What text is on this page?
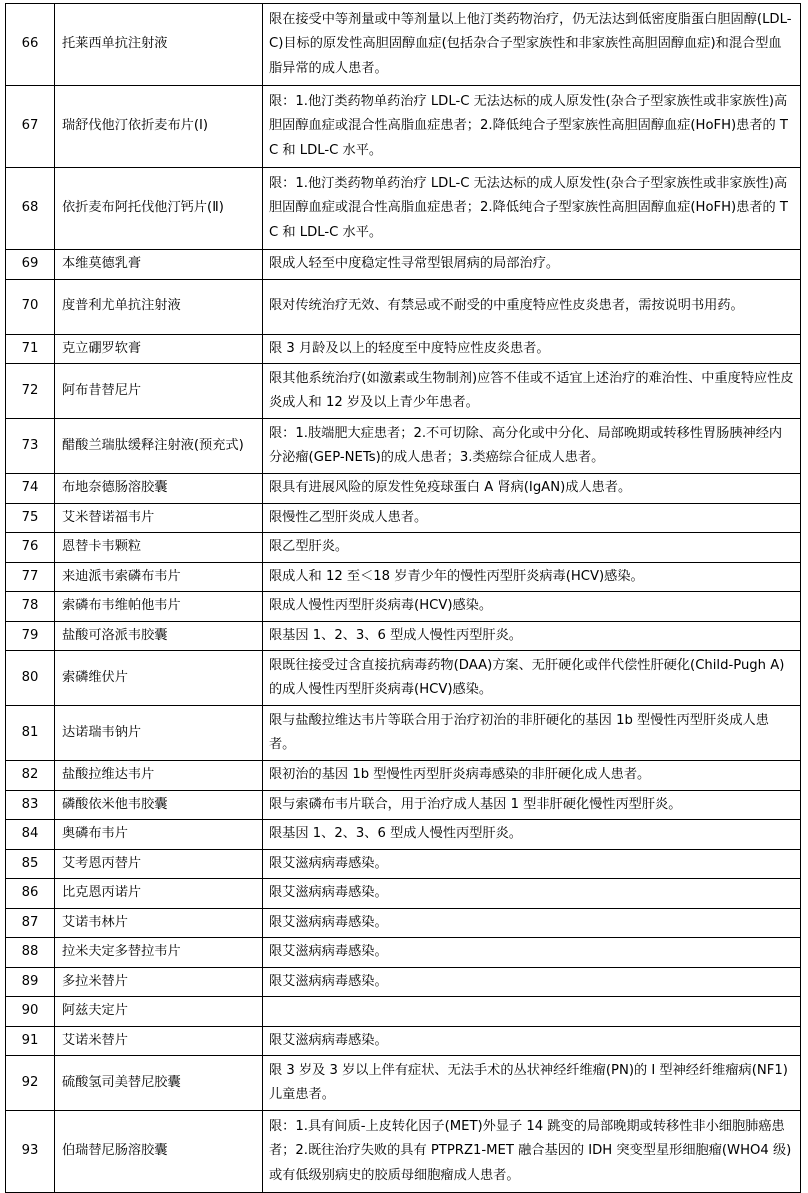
66	托莱西单抗注射液	限在接受中等剂量或中等剂量以上他汀类药物治疗，仍无法达到低密度脂蛋白胆固醇(LDL-C)目标的原发性高胆固醇血症(包括杂合子型家族性和非家族性高胆固醇血症)和混合型血脂异常的成人患者。
67	瑞舒伐他汀依折麦布片(Ⅰ)	限：1.他汀类药物单药治疗 LDL-C 无法达标的成人原发性(杂合子型家族性或非家族性)高胆固醇血症或混合性高脂血症患者；2.降低纯合子型家族性高胆固醇血症(HoFH)患者的 TC 和 LDL-C 水平。
68	依折麦布阿托伐他汀钙片(Ⅱ)	限：1.他汀类药物单药治疗 LDL-C 无法达标的成人原发性(杂合子型家族性或非家族性)高胆固醇血症或混合性高脂血症患者；2.降低纯合子型家族性高胆固醇血症(HoFH)患者的 TC 和 LDL-C 水平。
69	本维莫德乳膏	限成人轻至中度稳定性寻常型银屑病的局部治疗。
70	度普利尤单抗注射液	限对传统治疗无效、有禁忌或不耐受的中重度特应性皮炎患者，需按说明书用药。
71	克立硼罗软膏	限 3 月龄及以上的轻度至中度特应性皮炎患者。
72	阿布昔替尼片	限其他系统治疗(如激素或生物制剂)应答不佳或不适宜上述治疗的难治性、中重度特应性皮炎成人和 12 岁及以上青少年患者。
73	醋酸兰瑞肽缓释注射液(预充式)	限：1.肢端肥大症患者；2.不可切除、高分化或中分化、局部晚期或转移性胃肠胰神经内分泌瘤(GEP-NETs)的成人患者；3.类癌综合征成人患者。
74	布地奈德肠溶胶囊	限具有进展风险的原发性免疫球蛋白 A 肾病(IgAN)成人患者。
75	艾米替诺福韦片	限慢性乙型肝炎成人患者。
76	恩替卡韦颗粒	限乙型肝炎。
77	来迪派韦索磷布韦片	限成人和 12 至＜18 岁青少年的慢性丙型肝炎病毒(HCV)感染。
78	索磷布韦维帕他韦片	限成人慢性丙型肝炎病毒(HCV)感染。
79	盐酸可洛派韦胶囊	限基因 1、2、3、6 型成人慢性丙型肝炎。
80	索磷维伏片	限既往接受过含直接抗病毒药物(DAA)方案、无肝硬化或伴代偿性肝硬化(Child-Pugh A)的成人慢性丙型肝炎病毒(HCV)感染。
81	达诺瑞韦钠片	限与盐酸拉维达韦片等联合用于治疗初治的非肝硬化的基因 1b 型慢性丙型肝炎成人患者。
82	盐酸拉维达韦片	限初治的基因 1b 型慢性丙型肝炎病毒感染的非肝硬化成人患者。
83	磷酸依米他韦胶囊	限与索磷布韦片联合，用于治疗成人基因 1 型非肝硬化慢性丙型肝炎。
84	奥磷布韦片	限基因 1、2、3、6 型成人慢性丙型肝炎。
85	艾考恩丙替片	限艾滋病病毒感染。
86	比克恩丙诺片	限艾滋病病毒感染。
87	艾诺韦林片	限艾滋病病毒感染。
88	拉米夫定多替拉韦片	限艾滋病病毒感染。
89	多拉米替片	限艾滋病病毒感染。
90	阿兹夫定片	
91	艾诺米替片	限艾滋病病毒感染。
92	硫酸氢司美替尼胶囊	限 3 岁及 3 岁以上伴有症状、无法手术的丛状神经纤维瘤(PN)的 I 型神经纤维瘤病(NF1)儿童患者。
93	伯瑞替尼肠溶胶囊	限：1.具有间质-上皮转化因子(MET)外显子 14 跳变的局部晚期或转移性非小细胞肺癌患者；2.既往治疗失败的具有 PTPRZ1-MET 融合基因的 IDH 突变型星形细胞瘤(WHO4 级)或有低级别病史的胶质母细胞瘤成人患者。
